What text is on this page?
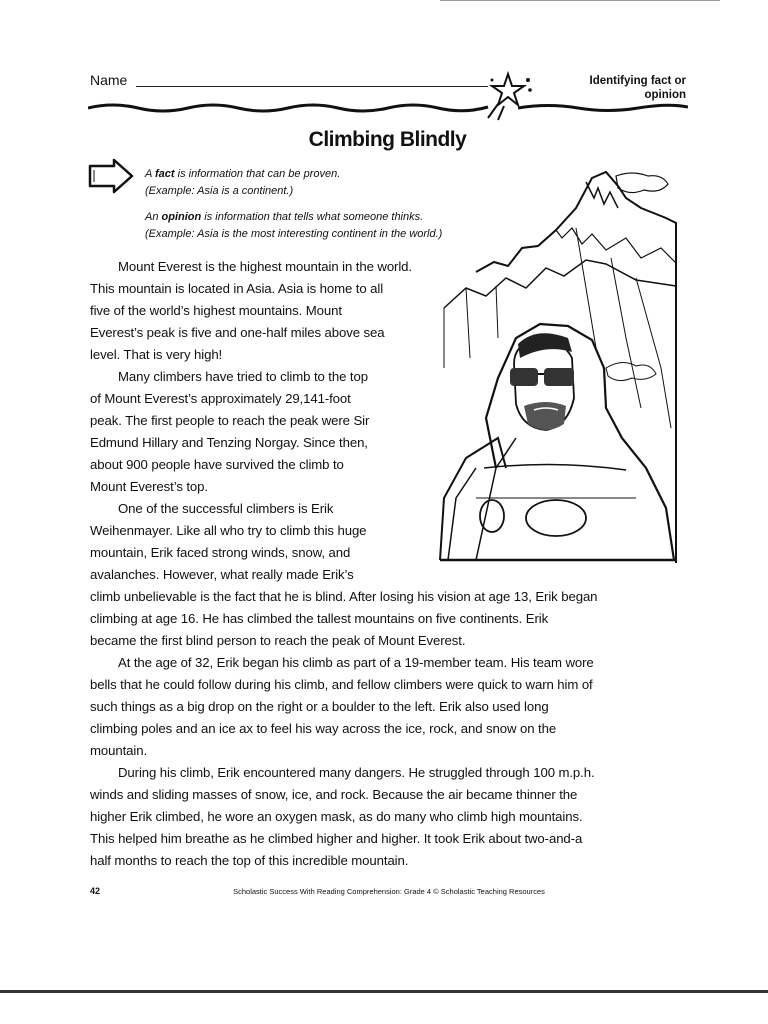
Name	Identifying fact or
opinion
Climbing Blindly
A fact is information that can be proven.
(Example: Asia is a continent.)
An opinion is information that tells what someone thinks.
(Example: Asia is the most interesting continent in the world.)
Mount Everest is the highest mountain in the world.
This mountain is located in Asia. Asia is home to all
five of the world’s highest mountains. Mount
Everest’s peak is five and one-half miles above sea
level. That is very high!
Many climbers have tried to climb to the top
of Mount Everest’s approximately 29,141-foot
peak. The first people to reach the peak were Sir
Edmund Hillary and Tenzing Norgay. Since then,
about 900 people have survived the climb to
Mount Everest’s top.
One of the successful climbers is Erik
Weihenmayer. Like all who try to climb this huge
mountain, Erik faced strong winds, snow, and
avalanches. However, what really made Erik’s
climb unbelievable is the fact that he is blind. After losing his vision at age 13, Erik began
climbing at age 16. He has climbed the tallest mountains on five continents. Erik
became the first blind person to reach the peak of Mount Everest.
At the age of 32, Erik began his climb as part of a 19-member team. His team wore
bells that he could follow during his climb, and fellow climbers were quick to warn him of
such things as a big drop on the right or a boulder to the left. Erik also used long
climbing poles and an ice ax to feel his way across the ice, rock, and snow on the
mountain.
During his climb, Erik encountered many dangers. He struggled through 100 m.p.h.
winds and sliding masses of snow, ice, and rock. Because the air became thinner the
higher Erik climbed, he wore an oxygen mask, as do many who climb high mountains.
This helped him breathe as he climbed higher and higher. It took Erik about two-and-a
half months to reach the top of this incredible mountain.
42	Scholastic Success With Reading Comprehension: Grade 4 © Scholastic Teaching Resources
